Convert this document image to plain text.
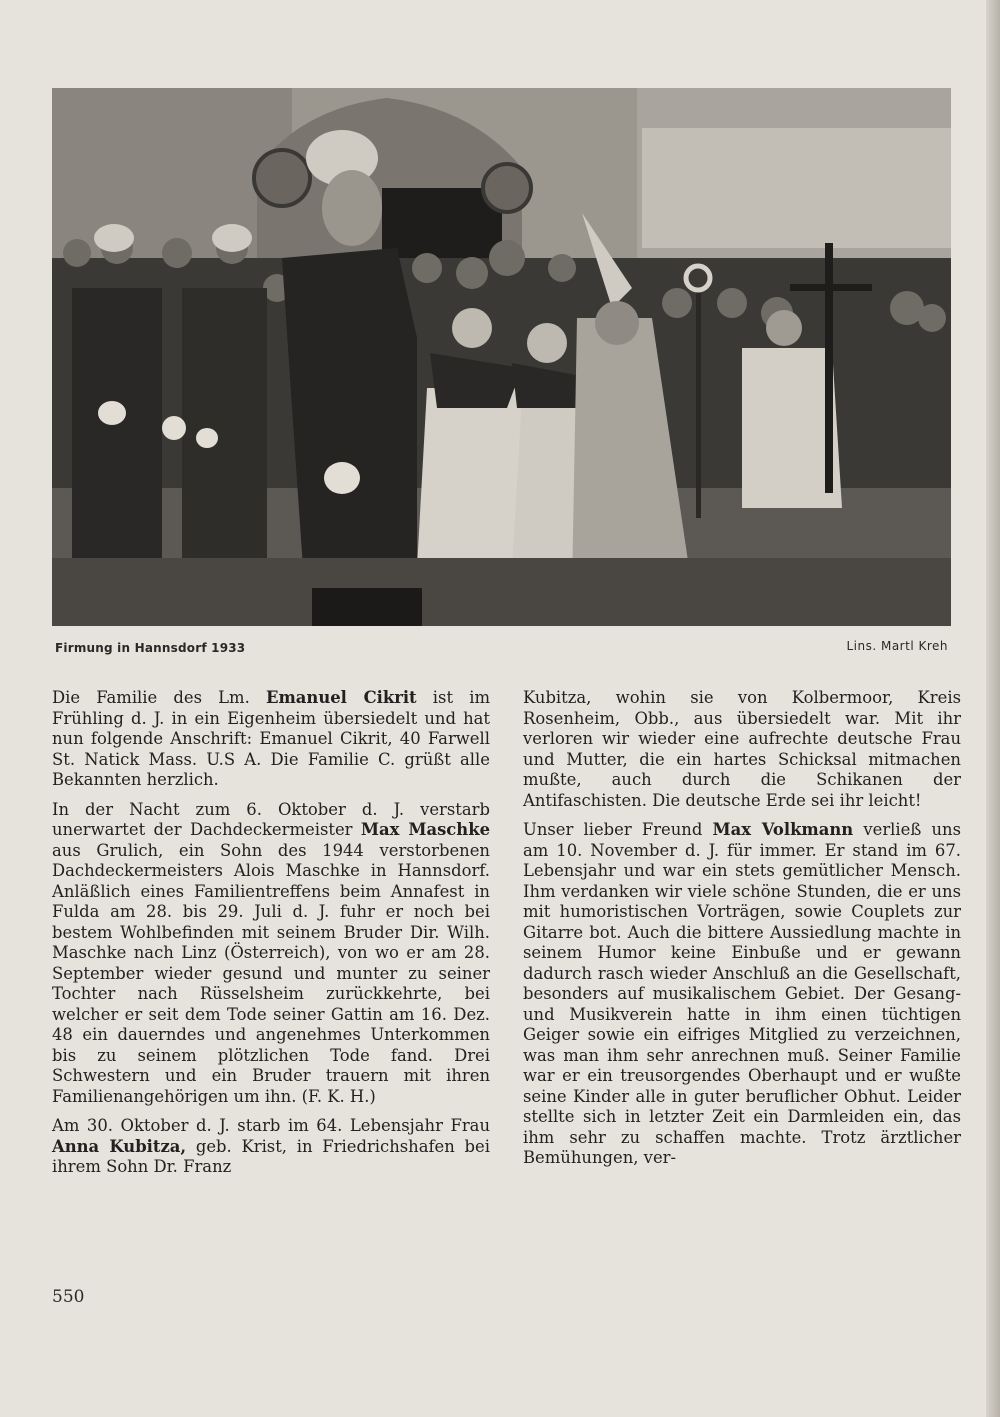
Firmung in Hannsdorf 1933	Lins. Martl Kreh

Die Familie des Lm. Emanuel Cikrit ist im Frühling d. J. in ein Eigenheim übersiedelt und hat nun folgende Anschrift: Emanuel Cikrit, 40 Farwell St. Natick Mass. U.S A. Die Familie C. grüßt alle Bekannten herzlich.

In der Nacht zum 6. Oktober d. J. verstarb unerwartet der Dachdeckermeister Max Maschke aus Grulich, ein Sohn des 1944 verstorbenen Dachdeckermeisters Alois Maschke in Hannsdorf. Anläßlich eines Familientreffens beim Annafest in Fulda am 28. bis 29. Juli d. J. fuhr er noch bei bestem Wohlbefinden mit seinem Bruder Dir. Wilh. Maschke nach Linz (Österreich), von wo er am 28. September wieder gesund und munter zu seiner Tochter nach Rüsselsheim zurückkehrte, bei welcher er seit dem Tode seiner Gattin am 16. Dez. 48 ein dauerndes und angenehmes Unterkommen bis zu seinem plötzlichen Tode fand. Drei Schwestern und ein Bruder trauern mit ihren Familienangehörigen um ihn. (F. K. H.)

Am 30. Oktober d. J. starb im 64. Lebensjahr Frau Anna Kubitza, geb. Krist, in Friedrichshafen bei ihrem Sohn Dr. Franz

Kubitza, wohin sie von Kolbermoor, Kreis Rosenheim, Obb., aus übersiedelt war. Mit ihr verloren wir wieder eine aufrechte deutsche Frau und Mutter, die ein hartes Schicksal mitmachen mußte, auch durch die Schikanen der Antifaschisten. Die deutsche Erde sei ihr leicht!

Unser lieber Freund Max Volkmann verließ uns am 10. November d. J. für immer. Er stand im 67. Lebensjahr und war ein stets gemütlicher Mensch. Ihm verdanken wir viele schöne Stunden, die er uns mit humoristischen Vorträgen, sowie Couplets zur Gitarre bot. Auch die bittere Aussiedlung machte in seinem Humor keine Einbuße und er gewann dadurch rasch wieder Anschluß an die Gesellschaft, besonders auf musikalischem Gebiet. Der Gesang- und Musikverein hatte in ihm einen tüchtigen Geiger sowie ein eifriges Mitglied zu verzeichnen, was man ihm sehr anrechnen muß. Seiner Familie war er ein treusorgendes Oberhaupt und er wußte seine Kinder alle in guter beruflicher Obhut. Leider stellte sich in letzter Zeit ein Darmleiden ein, das ihm sehr zu schaffen machte. Trotz ärztlicher Bemühungen, ver-

550
